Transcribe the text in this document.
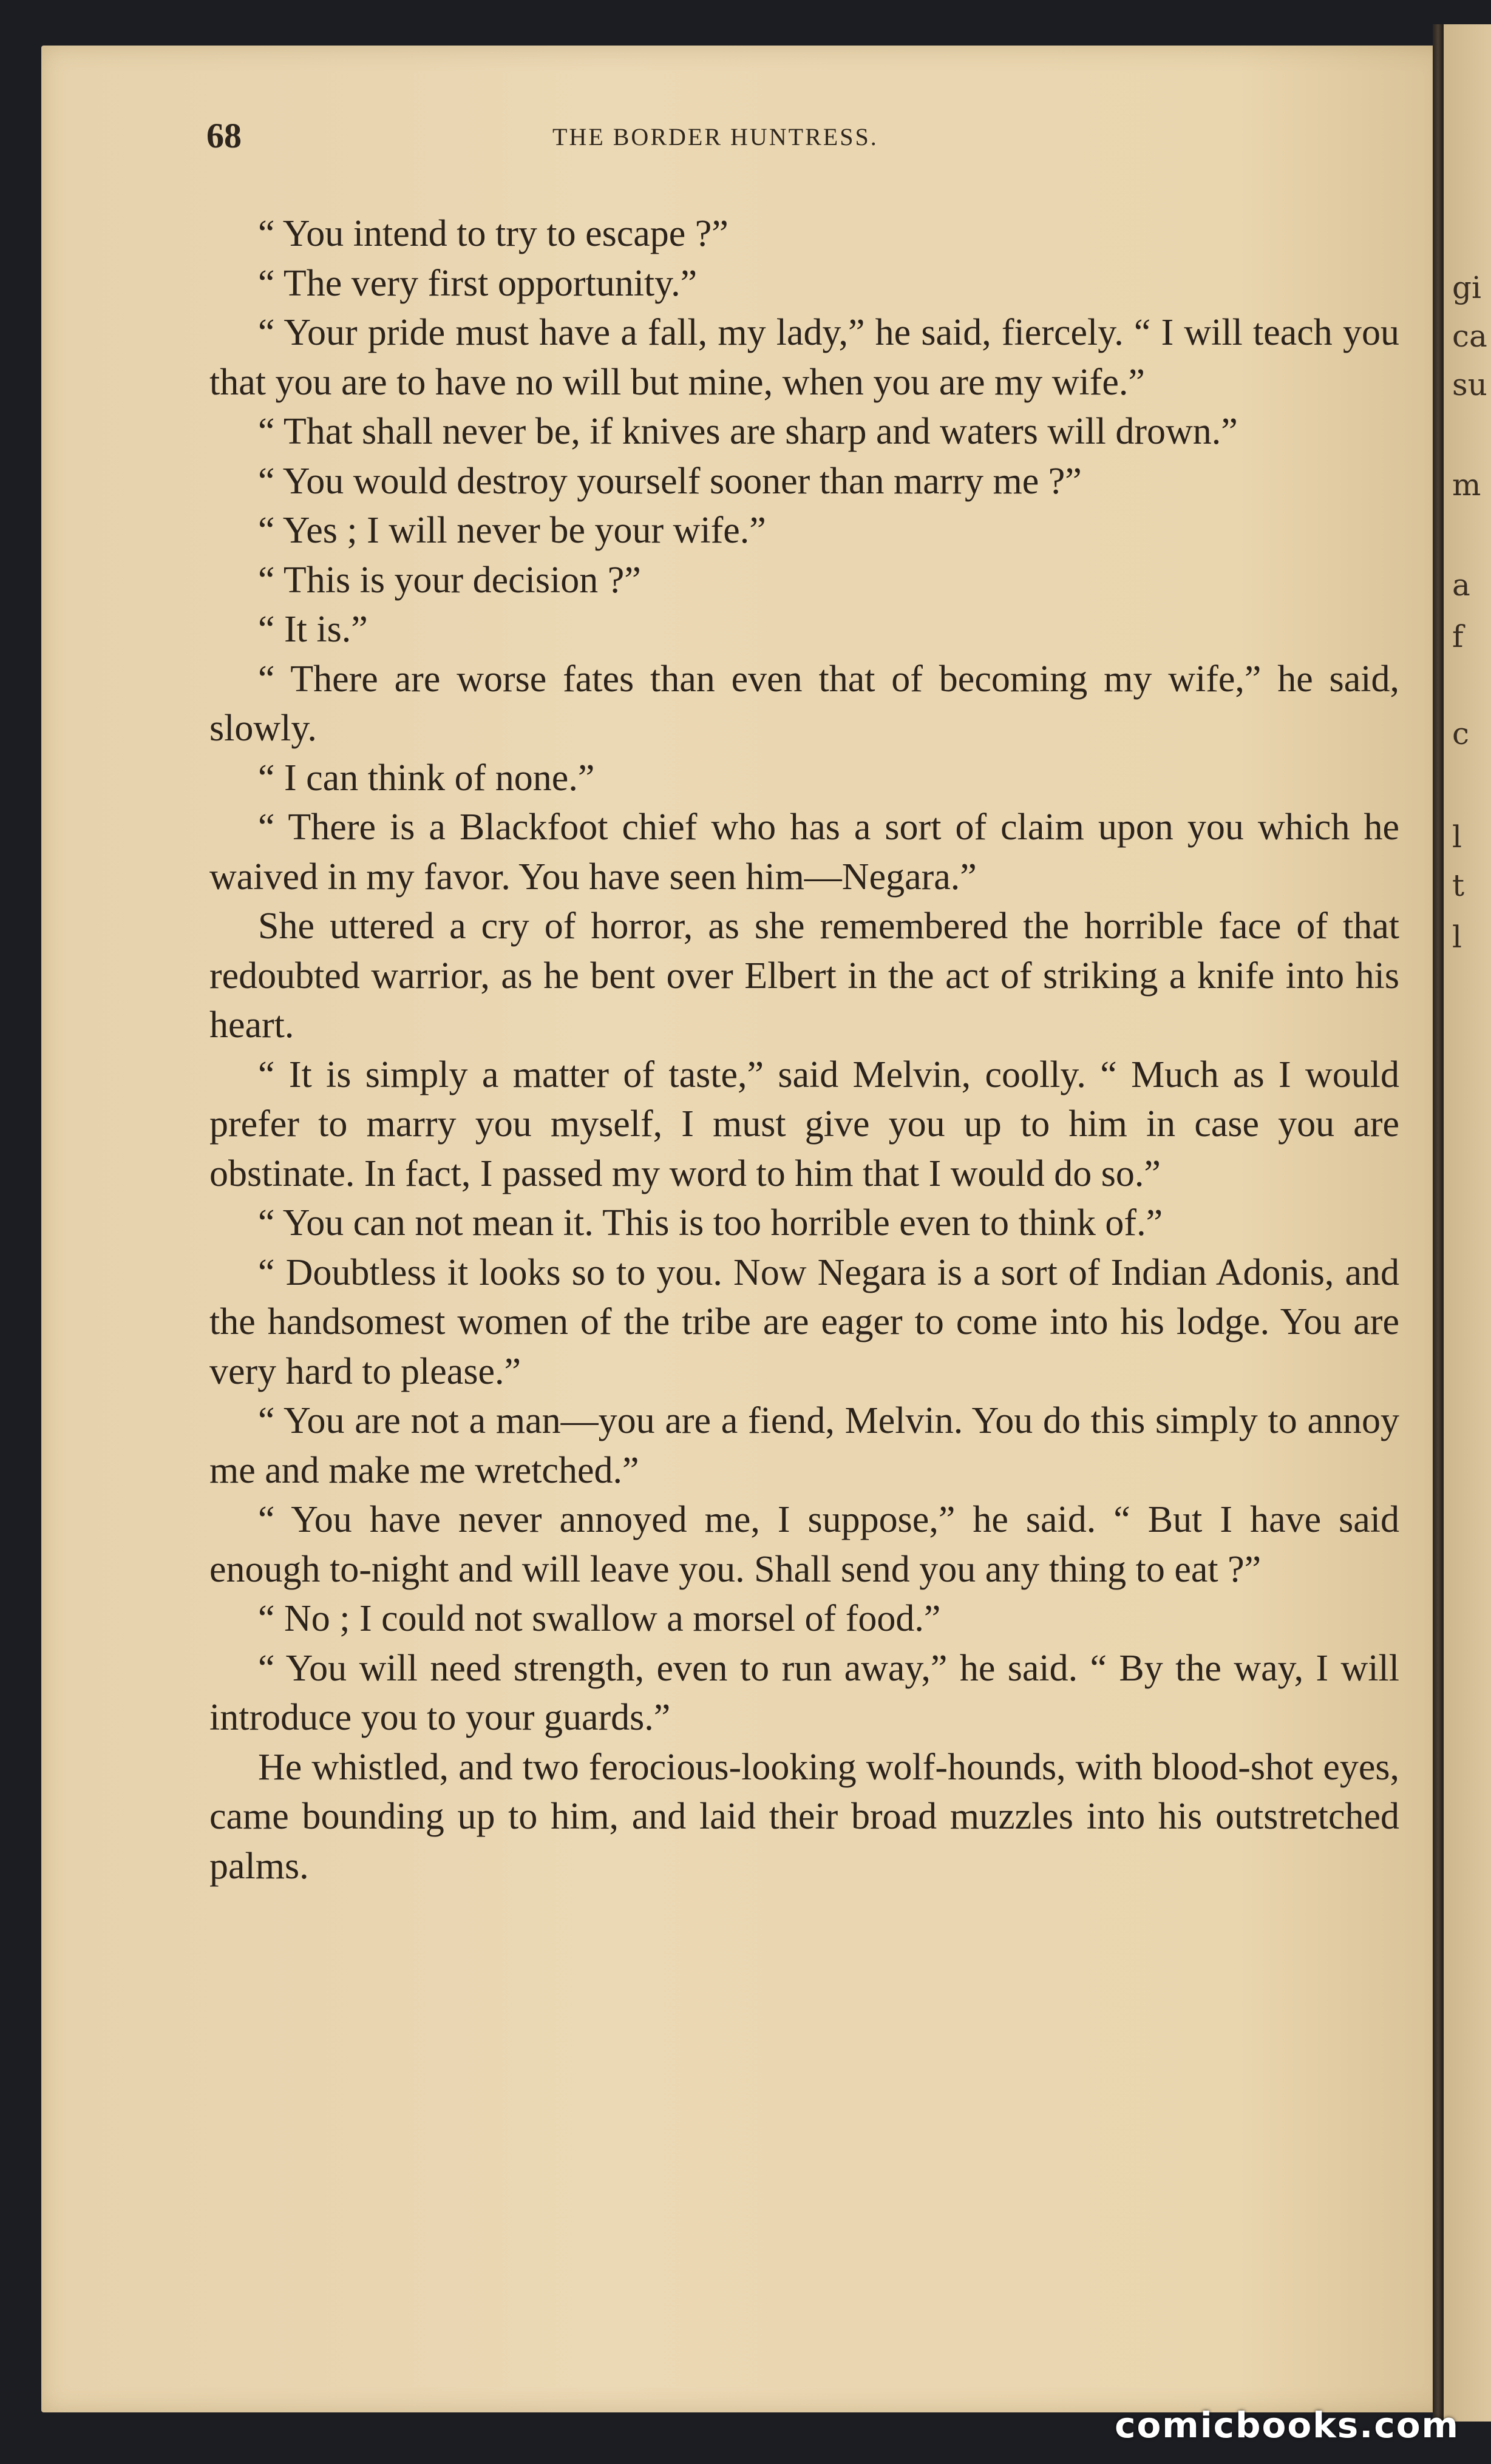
gi
ca
su
m
a
f
c
l
t
l
68	THE BORDER HUNTRESS.

“ You intend to try to escape ?”

“ The very first opportunity.”

“ Your pride must have a fall, my lady,” he said, fiercely. “ I will teach you that you are to have no will but mine, when you are my wife.”

“ That shall never be, if knives are sharp and waters will drown.”

“ You would destroy yourself sooner than marry me ?”

“ Yes ; I will never be your wife.”

“ This is your decision ?”

“ It is.”

“ There are worse fates than even that of becoming my wife,” he said, slowly.

“ I can think of none.”

“ There is a Blackfoot chief who has a sort of claim upon you which he waived in my favor. You have seen him—Negara.”

She uttered a cry of horror, as she remembered the horrible face of that redoubted warrior, as he bent over Elbert in the act of striking a knife into his heart.

“ It is simply a matter of taste,” said Melvin, coolly. “ Much as I would prefer to marry you myself, I must give you up to him in case you are obstinate. In fact, I passed my word to him that I would do so.”

“ You can not mean it. This is too horrible even to think of.”

“ Doubtless it looks so to you. Now Negara is a sort of Indian Adonis, and the handsomest women of the tribe are eager to come into his lodge. You are very hard to please.”

“ You are not a man—you are a fiend, Melvin. You do this simply to annoy me and make me wretched.”

“ You have never annoyed me, I suppose,” he said. “ But I have said enough to-night and will leave you. Shall send you any thing to eat ?”

“ No ; I could not swallow a morsel of food.”

“ You will need strength, even to run away,” he said. “ By the way, I will introduce you to your guards.”

He whistled, and two ferocious-looking wolf-hounds, with blood-shot eyes, came bounding up to him, and laid their broad muzzles into his outstretched palms.

comicbooks.com
